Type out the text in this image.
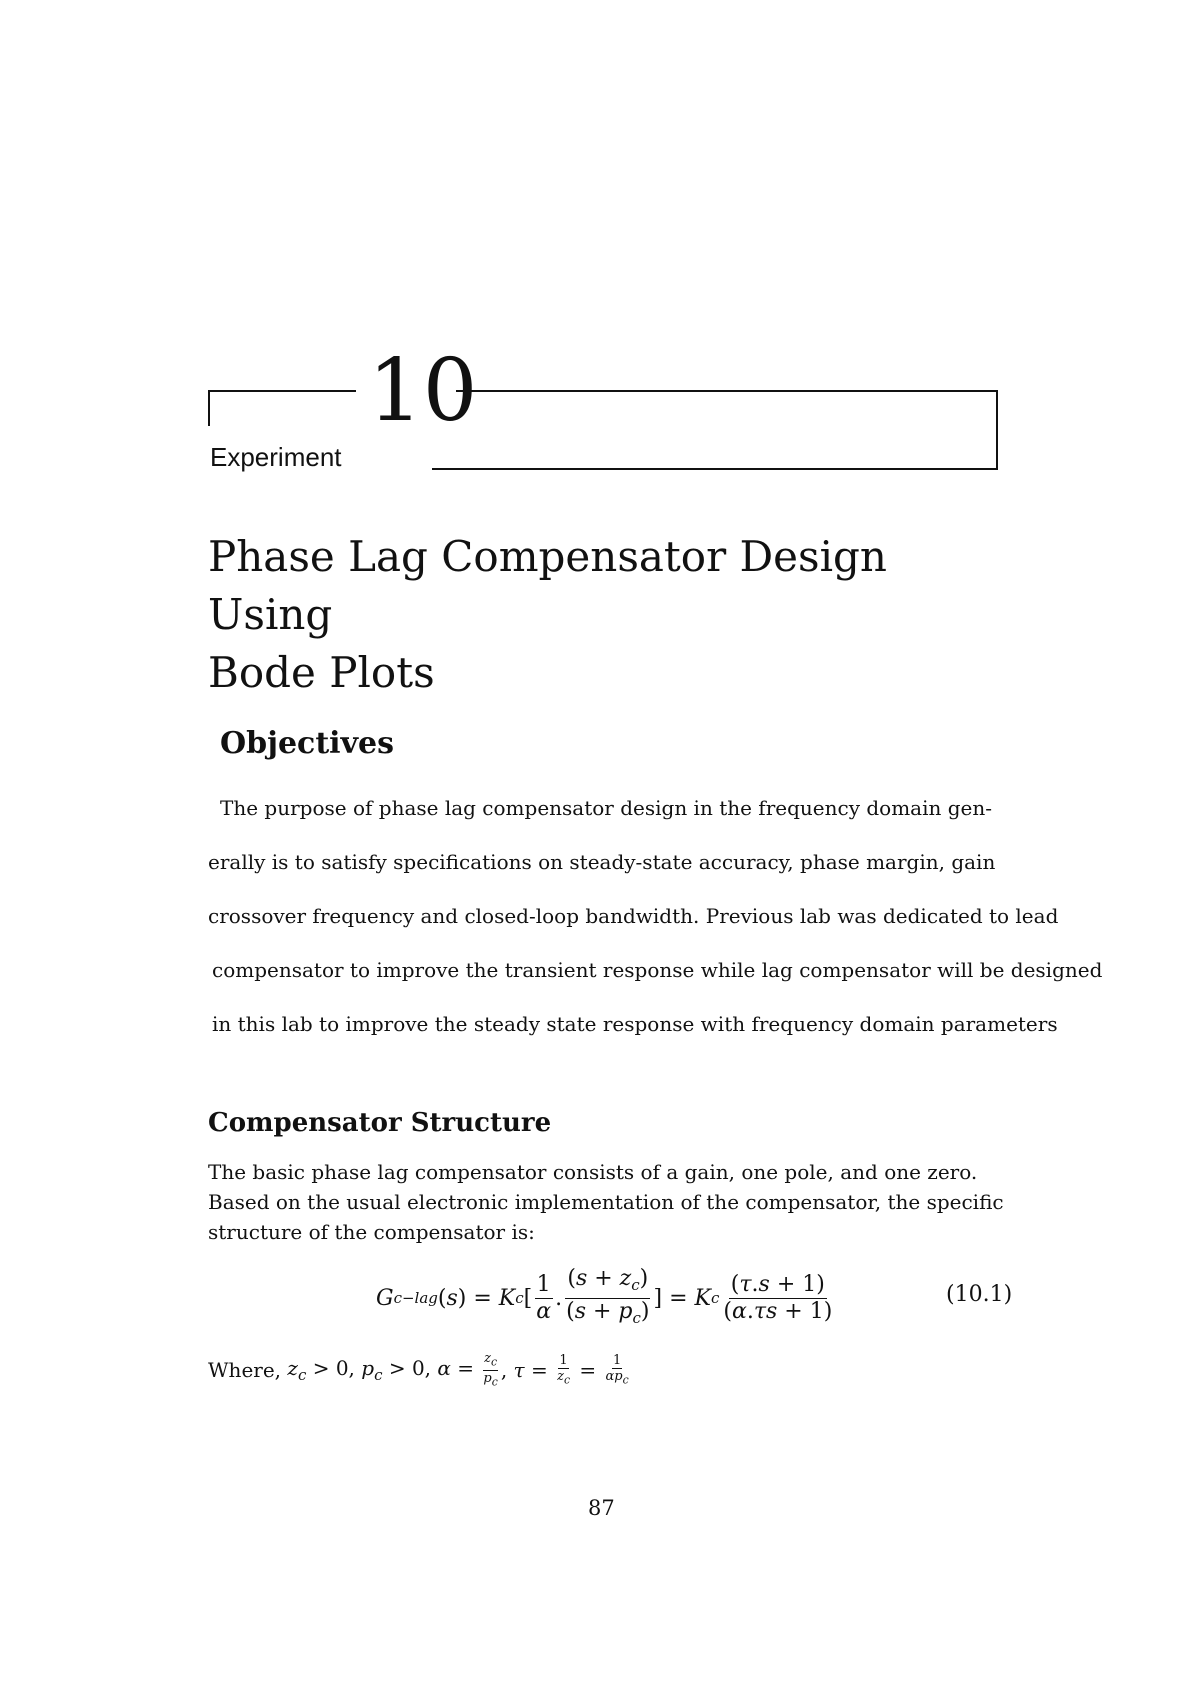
10
Experiment
Phase Lag Compensator Design Using
Bode Plots
Objectives
The purpose of phase lag compensator design in the frequency domain gen-
erally is to satisfy specifications on steady-state accuracy, phase margin, gain
crossover frequency and closed-loop bandwidth. Previous lab was dedicated to lead
compensator to improve the transient response while lag compensator will be designed
in this lab to improve the steady state response with frequency domain parameters
Compensator Structure
The basic phase lag compensator consists of a gain, one pole, and one zero.
Based on the usual electronic implementation of the compensator, the specific
structure of the compensator is:
G c−lag ( s ) = K c [ $\frac{1}{\alpha}$ . $\frac{(s + z_c)}{(s + p_c)}$ ] = K c $\frac{(\tau.s + 1)}{(\alpha.\tau s + 1)}$	(10.1)
Where, $z_c > 0$, $p_c > 0$, $\alpha = \frac{z_c}{p_c}$ , $\tau = \frac{1}{z_c} = \frac{1}{\alpha p_c}$
87
